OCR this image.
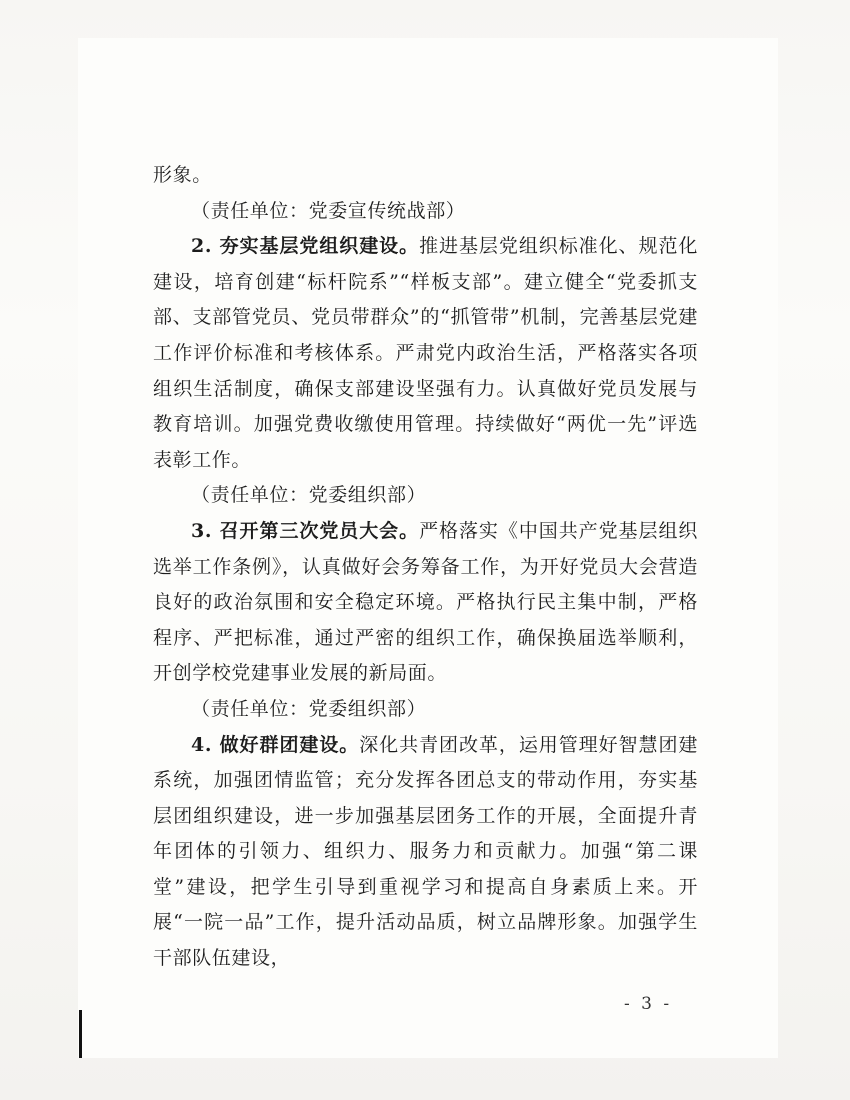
形象。

（责任单位：党委宣传统战部）

2. 夯实基层党组织建设。推进基层党组织标准化、规范化建设，培育创建“标杆院系”“样板支部”。建立健全“党委抓支部、支部管党员、党员带群众”的“抓管带”机制，完善基层党建工作评价标准和考核体系。严肃党内政治生活，严格落实各项组织生活制度，确保支部建设坚强有力。认真做好党员发展与教育培训。加强党费收缴使用管理。持续做好“两优一先”评选表彰工作。

（责任单位：党委组织部）

3. 召开第三次党员大会。严格落实《中国共产党基层组织选举工作条例》，认真做好会务筹备工作，为开好党员大会营造良好的政治氛围和安全稳定环境。严格执行民主集中制，严格程序、严把标准，通过严密的组织工作，确保换届选举顺利，开创学校党建事业发展的新局面。

（责任单位：党委组织部）

4. 做好群团建设。深化共青团改革，运用管理好智慧团建系统，加强团情监管；充分发挥各团总支的带动作用，夯实基层团组织建设，进一步加强基层团务工作的开展，全面提升青年团体的引领力、组织力、服务力和贡献力。加强“第二课堂”建设，把学生引导到重视学习和提高自身素质上来。开展“一院一品”工作，提升活动品质，树立品牌形象。加强学生干部队伍建设，

- 3 -
